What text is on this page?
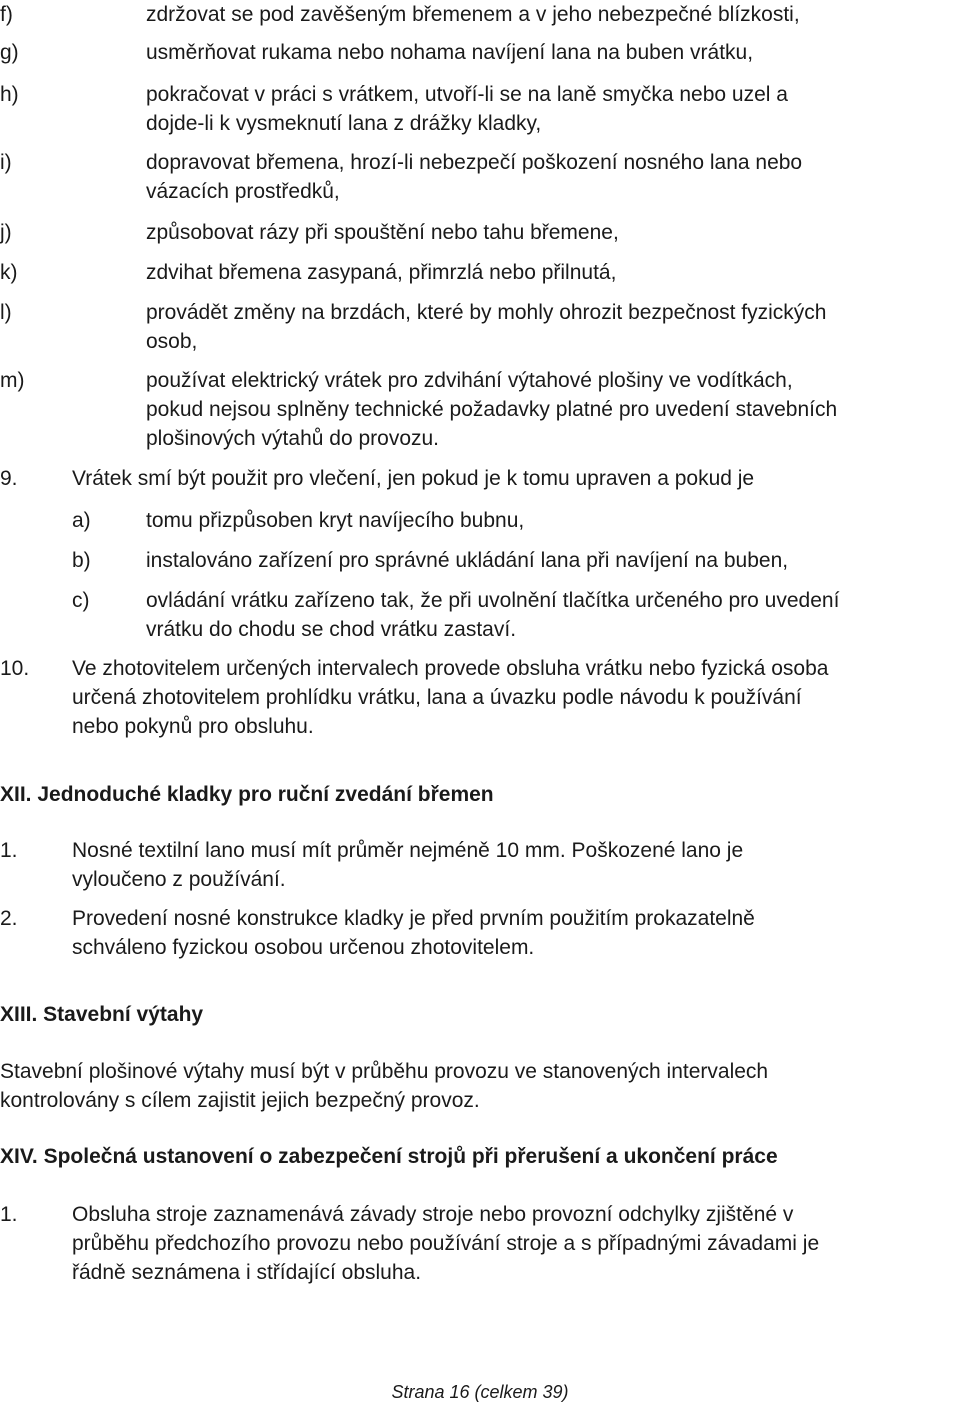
f)	zdržovat se pod zavěšeným břemenem a v jeho nebezpečné blízkosti,
g)	usměrňovat rukama nebo nohama navíjení lana na buben vrátku,
h)	pokračovat v práci s vrátkem, utvoří-li se na laně smyčka nebo uzel a
dojde-li k vysmeknutí lana z drážky kladky,
i)	dopravovat břemena, hrozí-li nebezpečí poškození nosného lana nebo
vázacích prostředků,
j)	způsobovat rázy při spouštění nebo tahu břemene,
k)	zdvihat břemena zasypaná, přimrzlá nebo přilnutá,
l)	provádět změny na brzdách, které by mohly ohrozit bezpečnost fyzických
osob,
m)	používat elektrický vrátek pro zdvihání výtahové plošiny ve vodítkách,
pokud nejsou splněny technické požadavky platné pro uvedení stavebních
plošinových výtahů do provozu.
9.	Vrátek smí být použit pro vlečení, jen pokud je k tomu upraven a pokud je
a)	tomu přizpůsoben kryt navíjecího bubnu,
b)	instalováno zařízení pro správné ukládání lana při navíjení na buben,
c)	ovládání vrátku zařízeno tak, že při uvolnění tlačítka určeného pro uvedení
vrátku do chodu se chod vrátku zastaví.
10. Ve zhotovitelem určených intervalech provede obsluha vrátku nebo fyzická osoba
určená zhotovitelem prohlídku vrátku, lana a úvazku podle návodu k používání
nebo pokynů pro obsluhu.
XII. Jednoduché kladky pro ruční zvedání břemen
1.	Nosné textilní lano musí mít průměr nejméně 10 mm. Poškozené lano je
vyloučeno z používání.
2.	Provedení nosné konstrukce kladky je před prvním použitím prokazatelně
schváleno fyzickou osobou určenou zhotovitelem.
XIII. Stavební výtahy
Stavební plošinové výtahy musí být v průběhu provozu ve stanovených intervalech
kontrolovány s cílem zajistit jejich bezpečný provoz.
XIV. Společná ustanovení o zabezpečení strojů při přerušení a ukončení práce
1.	Obsluha stroje zaznamenává závady stroje nebo provozní odchylky zjištěné v
průběhu předchozího provozu nebo používání stroje a s případnými závadami je
řádně seznámena i střídající obsluha.
Strana 16 (celkem 39)
